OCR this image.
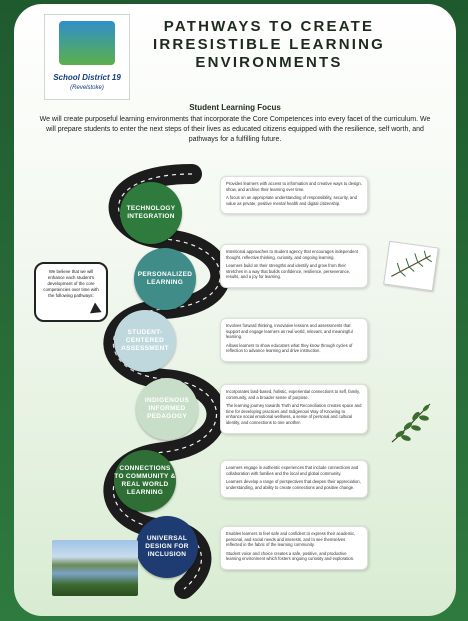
School District 19
(Revelstoke)
PATHWAYS TO CREATE IRRESISTIBLE LEARNING ENVIRONMENTS
Student Learning Focus
We will create purposeful learning environments that incorporate the Core Competences into every facet of the curriculum. We will prepare students to enter the next steps of their lives as educated citizens equipped with the resilience, self worth, and pathways for a fulfilling future.
TECHNOLOGY INTEGRATION
PERSONALIZED LEARNING
STUDENT-CENTERED ASSESSMENT
INDIGENOUS INFORMED PEDAGOGY
CONNECTIONS TO COMMUNITY & REAL WORLD LEARNING
UNIVERSAL DESIGN FOR INCLUSION

Provides learners with access to information and creative ways to design, show, and archive their learning over time.

A focus on an appropriate understanding of responsibility, security, and value as private, positive mental health and digital citizenship.

Intentional approaches to student agency that encourages independent thought, reflective thinking, curiosity, and ongoing learning.

Learners build on their strengths and identify and grow from their stretches in a way that builds confidence, resilience, perseverance, results, and a joy for learning.

Involves forward thinking, innovative lessons and assessments that support and engage learners as real world, relevant, and meaningful learning.

Allows learners to show educators what they know through cycles of reflection to advance learning and drive instruction.

Incorporates land-based, holistic, experiential connections to self, family, community, and a broader sense of purpose.

The learning journey towards Truth and Reconciliation creates space and time for developing practices and Indigenous Way of Knowing to enhance social emotional wellness, a sense of personal and cultural identity, and connections to one another.

Learners engage in authentic experiences that include connections and collaboration with families and the local and global community.

Learners develop a range of perspectives that deepen their appreciation, understanding, and ability to create connections and positive change.

Enables learners to feel safe and confident to express their academic, personal, and social needs and interests, and to see themselves reflected in the fabric of the learning community.

Student voice and choice creates a safe, positive, and productive learning environment which fosters ongoing curiosity and exploration.

We believe that we will enhance each student's development of the core competencies over time with the following pathways:
